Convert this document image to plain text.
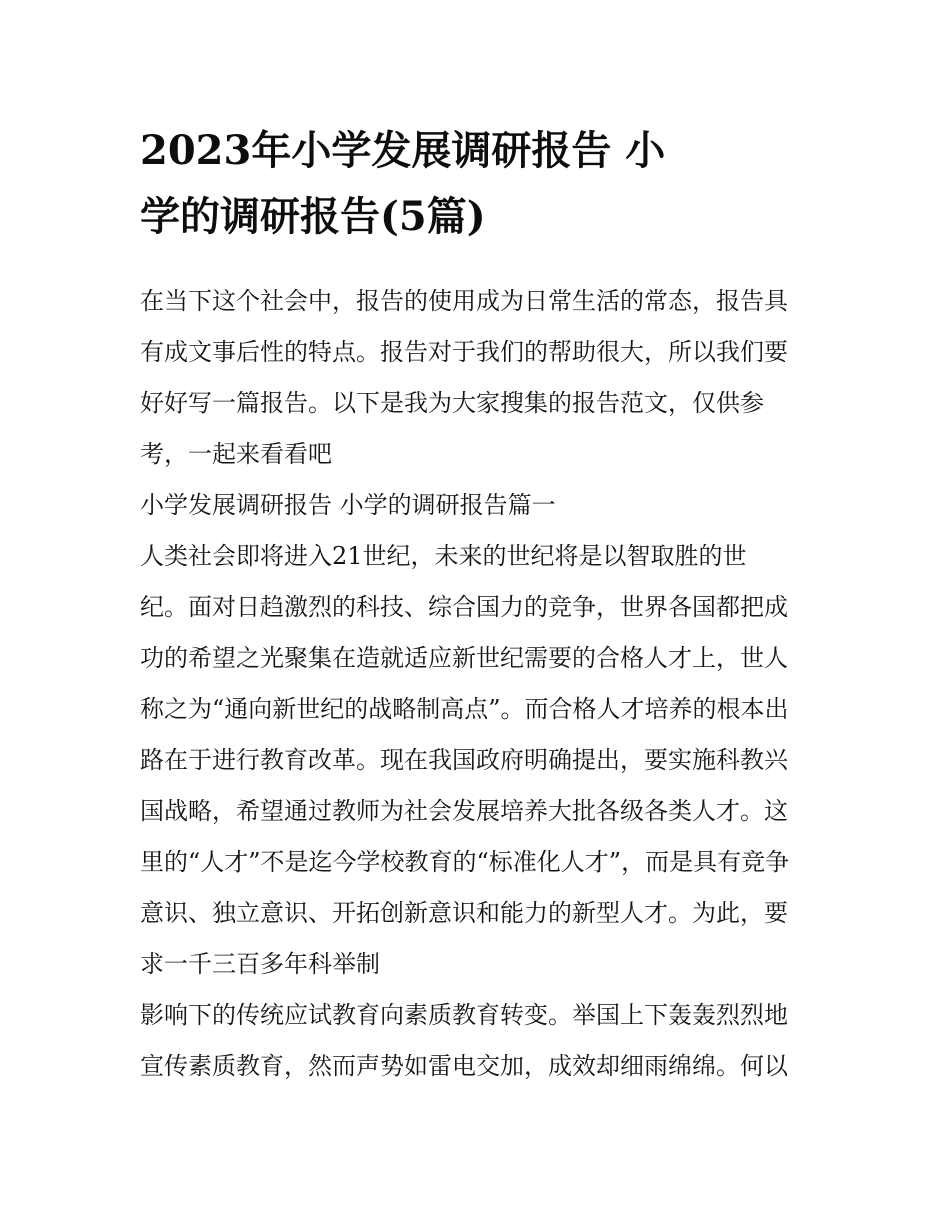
2023年小学发展调研报告 小
学的调研报告(5篇)

在当下这个社会中，报告的使用成为日常生活的常态，报告具
有成文事后性的特点。报告对于我们的帮助很大，所以我们要
好好写一篇报告。以下是我为大家搜集的报告范文，仅供参
考，一起来看看吧

小学发展调研报告 小学的调研报告篇一

人类社会即将进入21世纪，未来的世纪将是以智取胜的世
纪。面对日趋激烈的科技、综合国力的竞争，世界各国都把成
功的希望之光聚集在造就适应新世纪需要的合格人才上，世人
称之为“通向新世纪的战略制高点”。而合格人才培养的根本出
路在于进行教育改革。现在我国政府明确提出，要实施科教兴
国战略，希望通过教师为社会发展培养大批各级各类人才。这
里的“人才”不是迄今学校教育的“标准化人才”，而是具有竞争
意识、独立意识、开拓创新意识和能力的新型人才。为此，要
求一千三百多年科举制

影响下的传统应试教育向素质教育转变。举国上下轰轰烈烈地
宣传素质教育，然而声势如雷电交加，成效却细雨绵绵。何以
